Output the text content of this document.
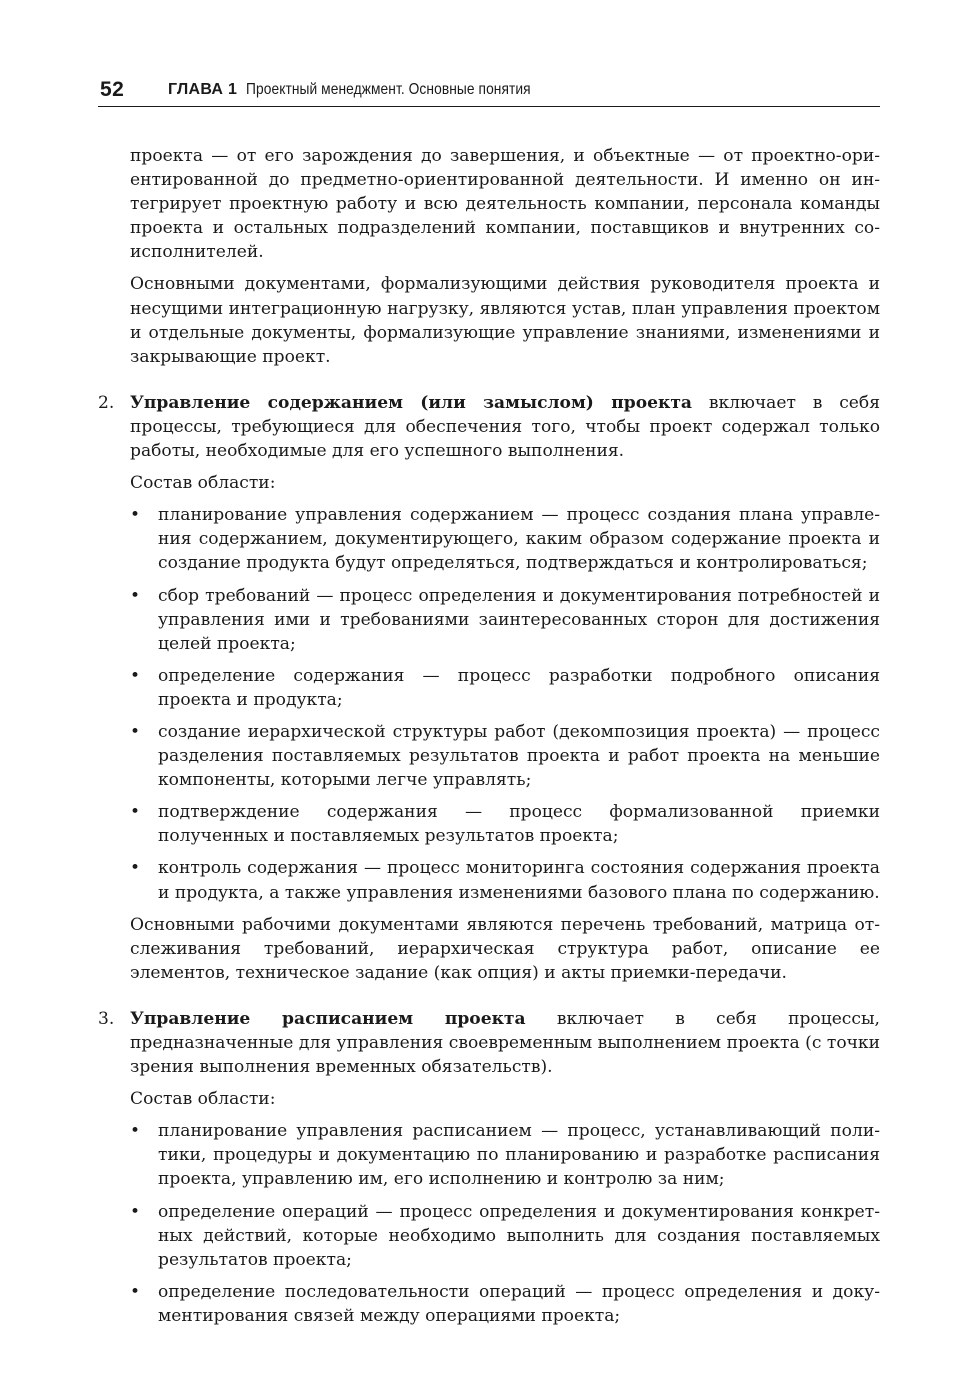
52	ГЛАВА 1 Проектный менеджмент. Основные понятия

проекта — от его зарождения до завершения, и объектные — от проектно-ориентированной до предметно-ориентированной деятельности. И именно он интегрирует проектную работу и всю деятельность компании, персонала команды проекта и остальных подразделений компании, поставщиков и внутренних соисполнителей.

Основными документами, формализующими действия руководителя проекта и несущими интеграционную нагрузку, являются устав, план управления проектом и отдельные документы, формализующие управление знаниями, изменениями и закрывающие проект.

2. Управление содержанием (или замыслом) проекта включает в себя процессы, требующиеся для обеспечения того, чтобы проект содержал только работы, необходимые для его успешного выполнения.

Состав области:

• планирование управления содержанием — процесс создания плана управления содержанием, документирующего, каким образом содержание проекта и создание продукта будут определяться, подтверждаться и контролироваться;
• сбор требований — процесс определения и документирования потребностей и управления ими и требованиями заинтересованных сторон для достижения целей проекта;
• определение содержания — процесс разработки подробного описания проекта и продукта;
• создание иерархической структуры работ (декомпозиция проекта) — процесс разделения поставляемых результатов проекта и работ проекта на меньшие компоненты, которыми легче управлять;
• подтверждение содержания — процесс формализованной приемки полученных и поставляемых результатов проекта;
• контроль содержания — процесс мониторинга состояния содержания проекта и продукта, а также управления изменениями базового плана по содержанию.

Основными рабочими документами являются перечень требований, матрица отслеживания требований, иерархическая структура работ, описание ее элементов, техническое задание (как опция) и акты приемки-передачи.

3. Управление расписанием проекта включает в себя процессы, предназначенные для управления своевременным выполнением проекта (с точки зрения выполнения временных обязательств).

Состав области:

• планирование управления расписанием — процесс, устанавливающий политики, процедуры и документацию по планированию и разработке расписания проекта, управлению им, его исполнению и контролю за ним;
• определение операций — процесс определения и документирования конкретных действий, которые необходимо выполнить для создания поставляемых результатов проекта;
• определение последовательности операций — процесс определения и документирования связей между операциями проекта;
